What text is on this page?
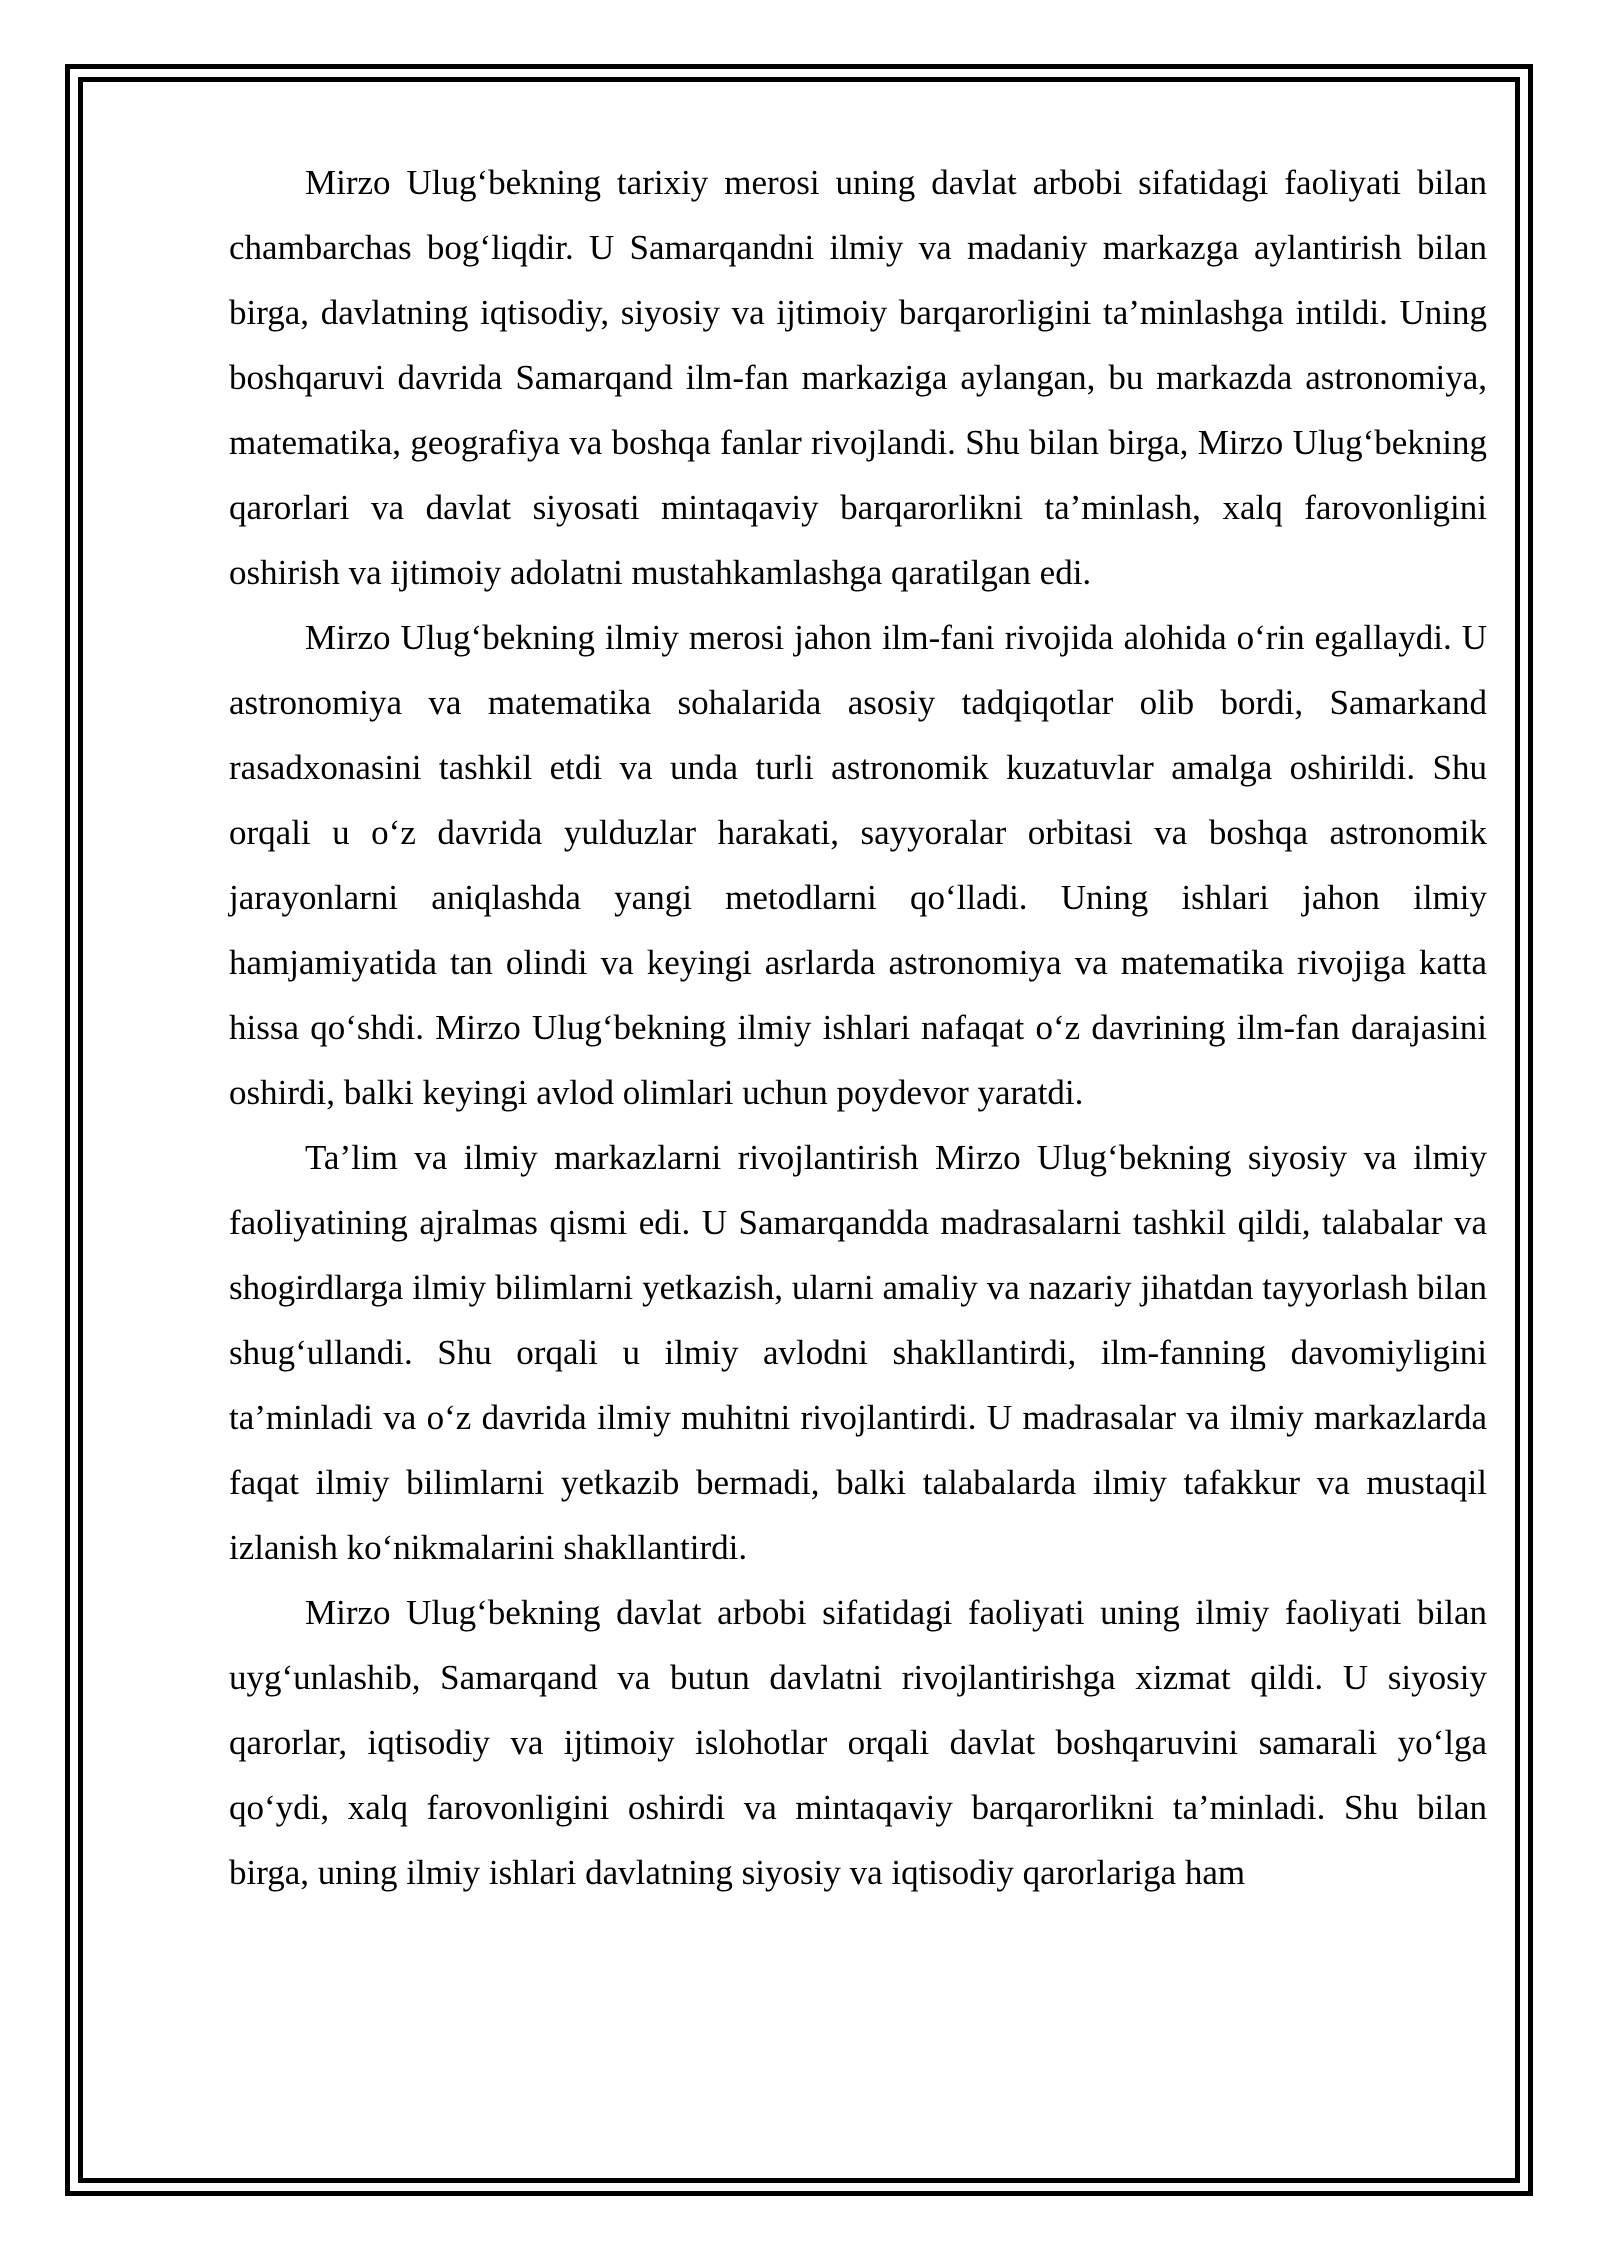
Mirzo Ulug‘bekning tarixiy merosi uning davlat arbobi sifatidagi faoliyati bilan chambarchas bog‘liqdir. U Samarqandni ilmiy va madaniy markazga aylantirish bilan birga, davlatning iqtisodiy, siyosiy va ijtimoiy barqarorligini ta’minlashga intildi. Uning boshqaruvi davrida Samarqand ilm-fan markaziga aylangan, bu markazda astronomiya, matematika, geografiya va boshqa fanlar rivojlandi. Shu bilan birga, Mirzo Ulug‘bekning qarorlari va davlat siyosati mintaqaviy barqarorlikni ta’minlash, xalq farovonligini oshirish va ijtimoiy adolatni mustahkamlashga qaratilgan edi.

Mirzo Ulug‘bekning ilmiy merosi jahon ilm-fani rivojida alohida o‘rin egallaydi. U astronomiya va matematika sohalarida asosiy tadqiqotlar olib bordi, Samarkand rasadxonasini tashkil etdi va unda turli astronomik kuzatuvlar amalga oshirildi. Shu orqali u o‘z davrida yulduzlar harakati, sayyoralar orbitasi va boshqa astronomik jarayonlarni aniqlashda yangi metodlarni qo‘lladi. Uning ishlari jahon ilmiy hamjamiyatida tan olindi va keyingi asrlarda astronomiya va matematika rivojiga katta hissa qo‘shdi. Mirzo Ulug‘bekning ilmiy ishlari nafaqat o‘z davrining ilm-fan darajasini oshirdi, balki keyingi avlod olimlari uchun poydevor yaratdi.

Ta’lim va ilmiy markazlarni rivojlantirish Mirzo Ulug‘bekning siyosiy va ilmiy faoliyatining ajralmas qismi edi. U Samarqandda madrasalarni tashkil qildi, talabalar va shogirdlarga ilmiy bilimlarni yetkazish, ularni amaliy va nazariy jihatdan tayyorlash bilan shug‘ullandi. Shu orqali u ilmiy avlodni shakllantirdi, ilm-fanning davomiyligini ta’minladi va o‘z davrida ilmiy muhitni rivojlantirdi. U madrasalar va ilmiy markazlarda faqat ilmiy bilimlarni yetkazib bermadi, balki talabalarda ilmiy tafakkur va mustaqil izlanish ko‘nikmalarini shakllantirdi.

Mirzo Ulug‘bekning davlat arbobi sifatidagi faoliyati uning ilmiy faoliyati bilan uyg‘unlashib, Samarqand va butun davlatni rivojlantirishga xizmat qildi. U siyosiy qarorlar, iqtisodiy va ijtimoiy islohotlar orqali davlat boshqaruvini samarali yo‘lga qo‘ydi, xalq farovonligini oshirdi va mintaqaviy barqarorlikni ta’minladi. Shu bilan birga, uning ilmiy ishlari davlatning siyosiy va iqtisodiy qarorlariga ham
